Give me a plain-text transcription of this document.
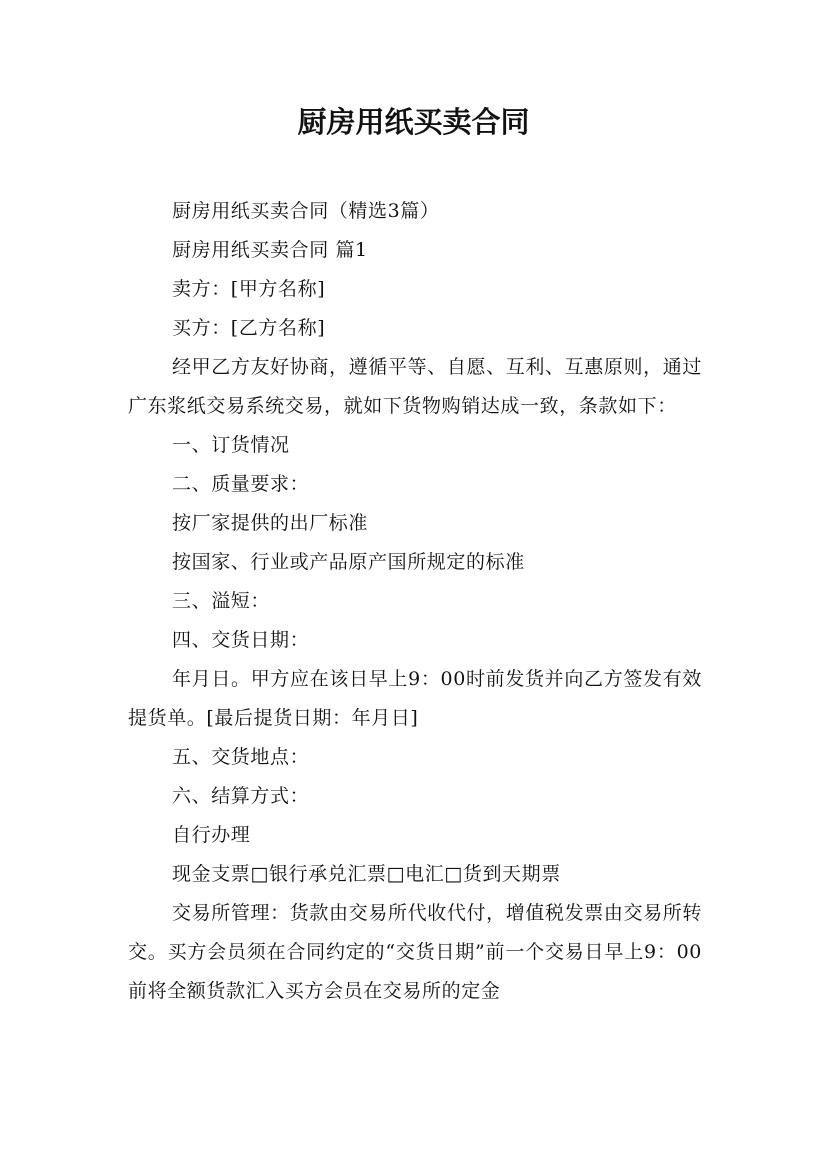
厨房用纸买卖合同

厨房用纸买卖合同（精选3篇）

厨房用纸买卖合同 篇1

卖方：[甲方名称]

买方：[乙方名称]

经甲乙方友好协商，遵循平等、自愿、互利、互惠原则，通过广东浆纸交易系统交易，就如下货物购销达成一致，条款如下：

一、订货情况

二、质量要求：

按厂家提供的出厂标准

按国家、行业或产品原产国所规定的标准

三、溢短：

四、交货日期：

年月日。甲方应在该日早上9：00时前发货并向乙方签发有效提货单。[最后提货日期：年月日]

五、交货地点：

六、结算方式：

自行办理

现金支票□银行承兑汇票□电汇□货到天期票

交易所管理：货款由交易所代收代付，增值税发票由交易所转交。买方会员须在合同约定的“交货日期”前一个交易日早上9：00前将全额货款汇入买方会员在交易所的定金
